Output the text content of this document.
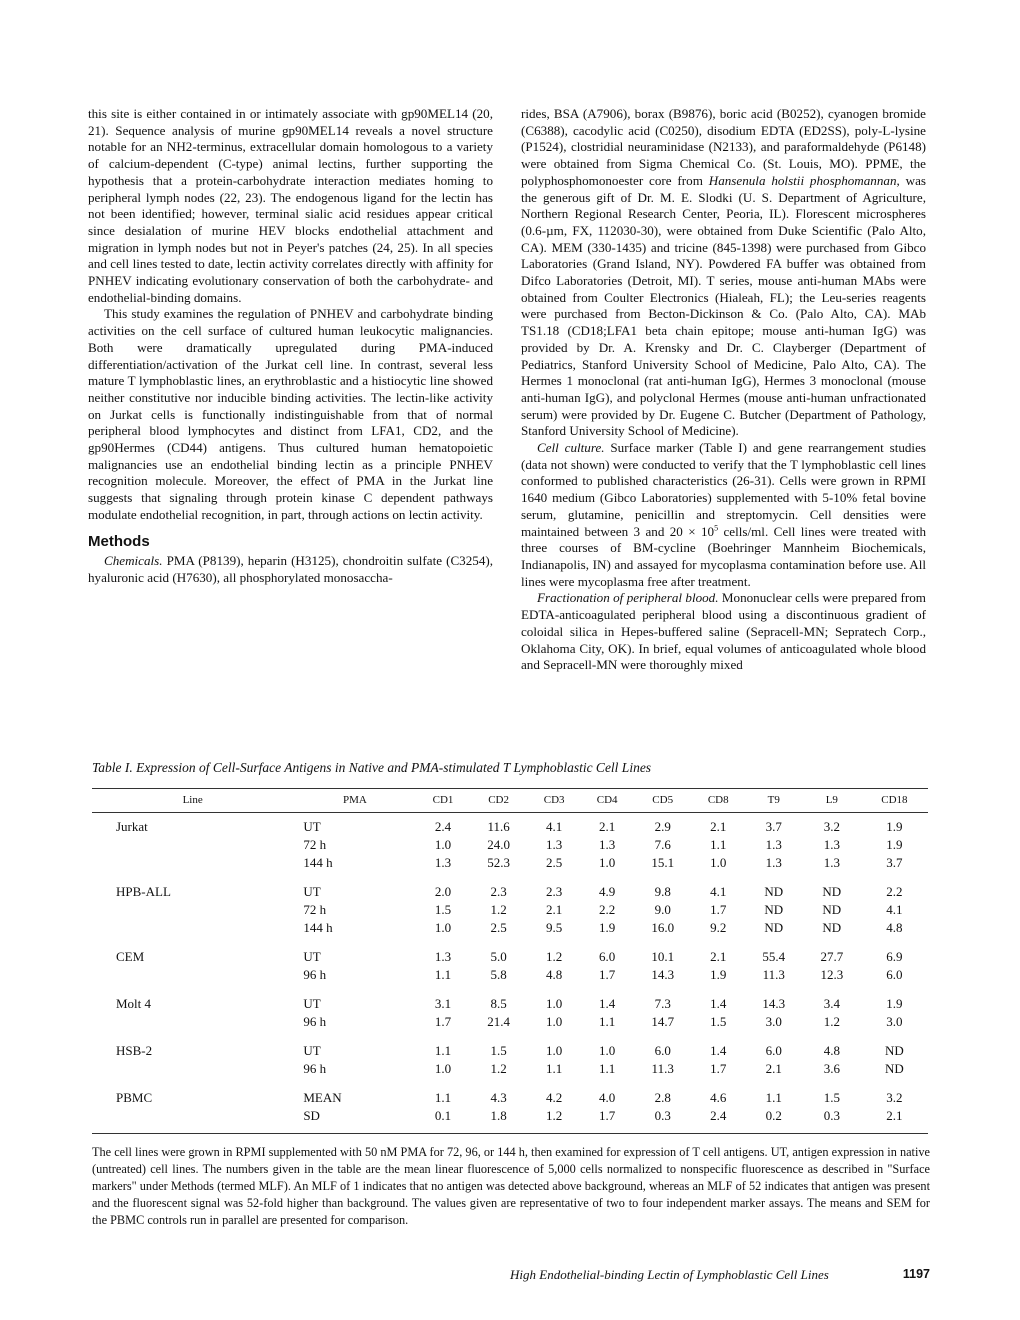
this site is either contained in or intimately associate with gp90MEL14 (20, 21). Sequence analysis of murine gp90MEL14 reveals a novel structure notable for an NH2-terminus, extracellular domain homologous to a variety of calcium-dependent (C-type) animal lectins, further supporting the hypothesis that a protein-carbohydrate interaction mediates homing to peripheral lymph nodes (22, 23). The endogenous ligand for the lectin has not been identified; however, terminal sialic acid residues appear critical since desialation of murine HEV blocks endothelial attachment and migration in lymph nodes but not in Peyer's patches (24, 25). In all species and cell lines tested to date, lectin activity correlates directly with affinity for PNHEV indicating evolutionary conservation of both the carbohydrate- and endothelial-binding domains.

This study examines the regulation of PNHEV and carbohydrate binding activities on the cell surface of cultured human leukocytic malignancies. Both were dramatically upregulated during PMA-induced differentiation/activation of the Jurkat cell line. In contrast, several less mature T lymphoblastic lines, an erythroblastic and a histiocytic line showed neither constitutive nor inducible binding activities. The lectin-like activity on Jurkat cells is functionally indistinguishable from that of normal peripheral blood lymphocytes and distinct from LFA1, CD2, and the gp90Hermes (CD44) antigens. Thus cultured human hematopoietic malignancies use an endothelial binding lectin as a principle PNHEV recognition molecule. Moreover, the effect of PMA in the Jurkat line suggests that signaling through protein kinase C dependent pathways modulate endothelial recognition, in part, through actions on lectin activity.

Methods

Chemicals. PMA (P8139), heparin (H3125), chondroitin sulfate (C3254), hyaluronic acid (H7630), all phosphorylated monosaccha-

rides, BSA (A7906), borax (B9876), boric acid (B0252), cyanogen bromide (C6388), cacodylic acid (C0250), disodium EDTA (ED2SS), poly-L-lysine (P1524), clostridial neuraminidase (N2133), and paraformaldehyde (P6148) were obtained from Sigma Chemical Co. (St. Louis, MO). PPME, the polyphosphomonoester core from Hansenula holstii phosphomannan, was the generous gift of Dr. M. E. Slodki (U. S. Department of Agriculture, Northern Regional Research Center, Peoria, IL). Florescent microspheres (0.6-µm, FX, 112030-30), were obtained from Duke Scientific (Palo Alto, CA). MEM (330-1435) and tricine (845-1398) were purchased from Gibco Laboratories (Grand Island, NY). Powdered FA buffer was obtained from Difco Laboratories (Detroit, MI). T series, mouse anti-human MAbs were obtained from Coulter Electronics (Hialeah, FL); the Leu-series reagents were purchased from Becton-Dickinson & Co. (Palo Alto, CA). MAb TS1.18 (CD18;LFA1 beta chain epitope; mouse anti-human IgG) was provided by Dr. A. Krensky and Dr. C. Clayberger (Department of Pediatrics, Stanford University School of Medicine, Palo Alto, CA). The Hermes 1 monoclonal (rat anti-human IgG), Hermes 3 monoclonal (mouse anti-human IgG), and polyclonal Hermes (mouse anti-human unfractionated serum) were provided by Dr. Eugene C. Butcher (Department of Pathology, Stanford University School of Medicine).

Cell culture. Surface marker (Table I) and gene rearrangement studies (data not shown) were conducted to verify that the T lymphoblastic cell lines conformed to published characteristics (26-31). Cells were grown in RPMI 1640 medium (Gibco Laboratories) supplemented with 5-10% fetal bovine serum, glutamine, penicillin and streptomycin. Cell densities were maintained between 3 and $20 \times 10^5$ cells/ml. Cell lines were treated with three courses of BM-cycline (Boehringer Mannheim Biochemicals, Indianapolis, IN) and assayed for mycoplasma contamination before use. All lines were mycoplasma free after treatment.

Fractionation of peripheral blood. Mononuclear cells were prepared from EDTA-anticoagulated peripheral blood using a discontinuous gradient of coloidal silica in Hepes-buffered saline (Sepracell-MN; Sepratech Corp., Oklahoma City, OK). In brief, equal volumes of anticoagulated whole blood and Sepracell-MN were thoroughly mixed

Table I. Expression of Cell-Surface Antigens in Native and PMA-stimulated T Lymphoblastic Cell Lines
Line	PMA	CD1	CD2	CD3	CD4	CD5	CD8	T9	L9	CD18
Jurkat	UT	2.4	11.6	4.1	2.1	2.9	2.1	3.7	3.2	1.9
	72 h	1.0	24.0	1.3	1.3	7.6	1.1	1.3	1.3	1.9
	144 h	1.3	52.3	2.5	1.0	15.1	1.0	1.3	1.3	3.7

HPB-ALL	UT	2.0	2.3	2.3	4.9	9.8	4.1	ND	ND	2.2
	72 h	1.5	1.2	2.1	2.2	9.0	1.7	ND	ND	4.1
	144 h	1.0	2.5	9.5	1.9	16.0	9.2	ND	ND	4.8

CEM	UT	1.3	5.0	1.2	6.0	10.1	2.1	55.4	27.7	6.9
	96 h	1.1	5.8	4.8	1.7	14.3	1.9	11.3	12.3	6.0

Molt 4	UT	3.1	8.5	1.0	1.4	7.3	1.4	14.3	3.4	1.9
	96 h	1.7	21.4	1.0	1.1	14.7	1.5	3.0	1.2	3.0

HSB-2	UT	1.1	1.5	1.0	1.0	6.0	1.4	6.0	4.8	ND
	96 h	1.0	1.2	1.1	1.1	11.3	1.7	2.1	3.6	ND

PBMC	MEAN	1.1	4.3	4.2	4.0	2.8	4.6	1.1	1.5	3.2
	SD	0.1	1.8	1.2	1.7	0.3	2.4	0.2	0.3	2.1
The cell lines were grown in RPMI supplemented with 50 nM PMA for 72, 96, or 144 h, then examined for expression of T cell antigens. UT, antigen expression in native (untreated) cell lines. The numbers given in the table are the mean linear fluorescence of 5,000 cells normalized to nonspecific fluorescence as described in "Surface markers" under Methods (termed MLF). An MLF of 1 indicates that no antigen was detected above background, whereas an MLF of 52 indicates that antigen was present and the fluorescent signal was 52-fold higher than background. The values given are representative of two to four independent marker assays. The means and SEM for the PBMC controls run in parallel are presented for comparison.
High Endothelial-binding Lectin of Lymphoblastic Cell Lines	1197
